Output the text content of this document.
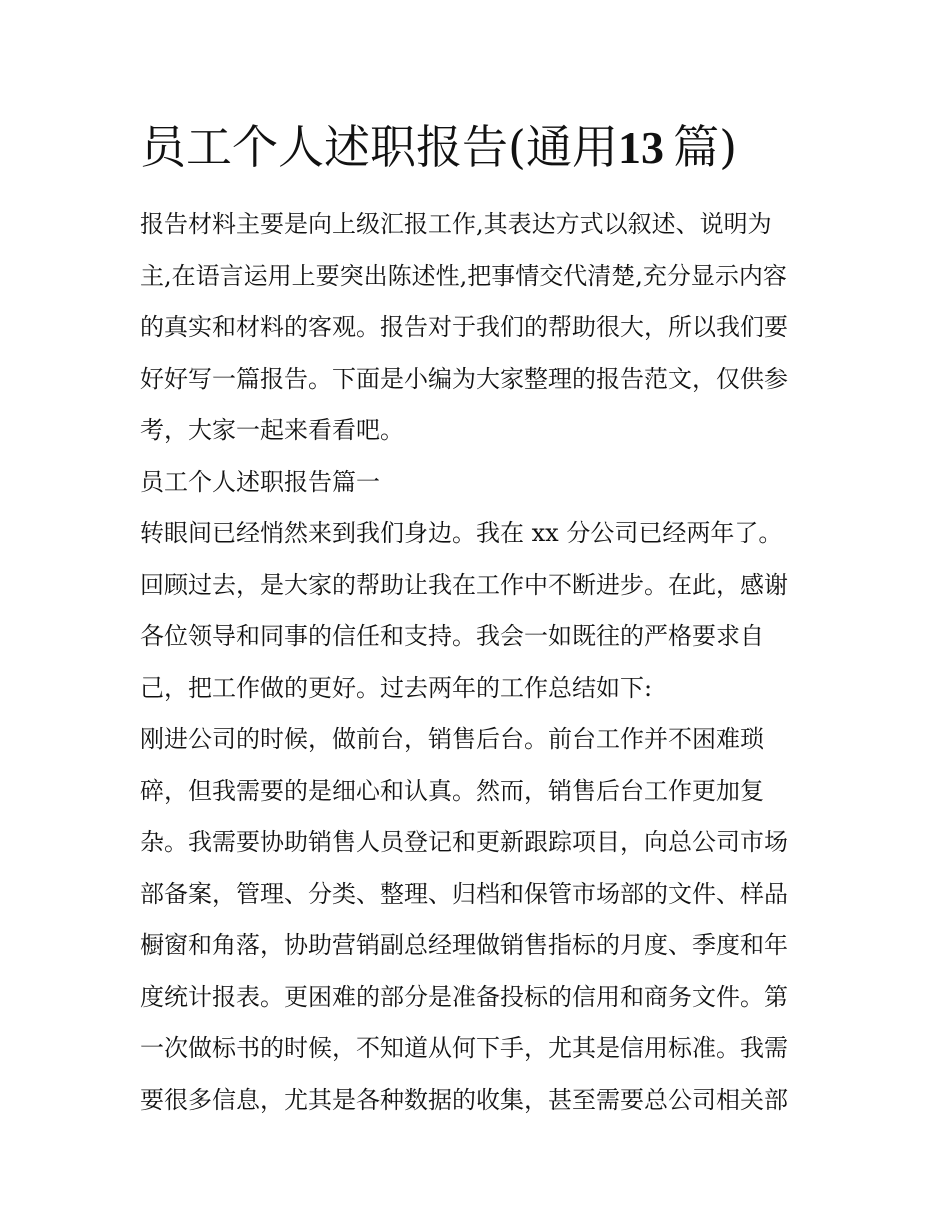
员工个人述职报告(通用13  篇)
报告材料主要是向上级汇报工作,其表达方式以叙述、说明为
主,在语言运用上要突出陈述性,把事情交代清楚,充分显示内容
的真实和材料的客观。报告对于我们的帮助很大，所以我们要
好好写一篇报告。下面是小编为大家整理的报告范文，仅供参
考，大家一起来看看吧。
员工个人述职报告篇一
转眼间已经悄然来到我们身边。我在 xx 分公司已经两年了。
回顾过去，是大家的帮助让我在工作中不断进步。在此，感谢
各位领导和同事的信任和支持。我会一如既往的严格要求自
己，把工作做的更好。过去两年的工作总结如下:
刚进公司的时候，做前台，销售后台。前台工作并不困难琐
碎，但我需要的是细心和认真。然而，销售后台工作更加复
杂。我需要协助销售人员登记和更新跟踪项目，向总公司市场
部备案，管理、分类、整理、归档和保管市场部的文件、样品
橱窗和角落，协助营销副总经理做销售指标的月度、季度和年
度统计报表。更困难的部分是准备投标的信用和商务文件。第
一次做标书的时候，不知道从何下手，尤其是信用标准。我需
要很多信息，尤其是各种数据的收集，甚至需要总公司相关部
